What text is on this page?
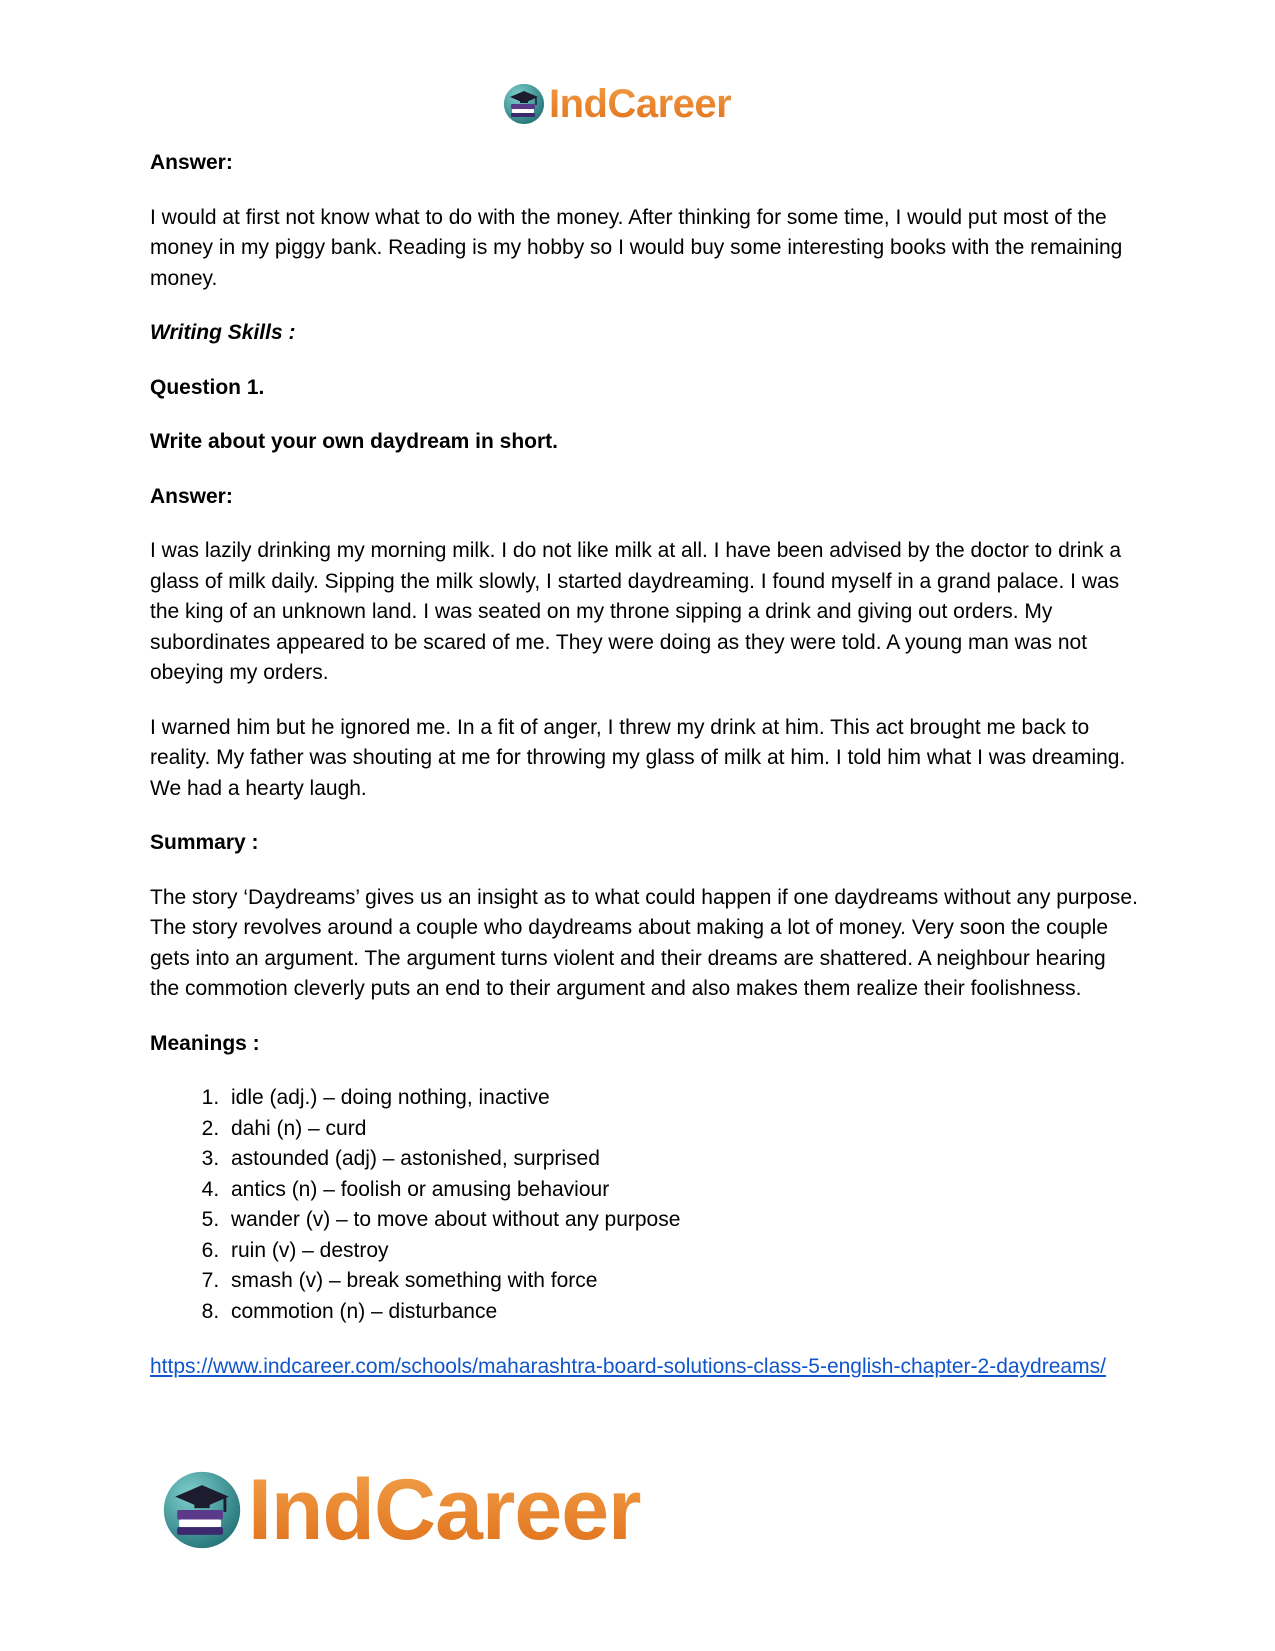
IndCareer

Answer:

I would at first not know what to do with the money. After thinking for some time, I would put most of the money in my piggy bank. Reading is my hobby so I would buy some interesting books with the remaining money.

Writing Skills :

Question 1.

Write about your own daydream in short.

Answer:

I was lazily drinking my morning milk. I do not like milk at all. I have been advised by the doctor to drink a glass of milk daily. Sipping the milk slowly, I started daydreaming. I found myself in a grand palace. I was the king of an unknown land. I was seated on my throne sipping a drink and giving out orders. My subordinates appeared to be scared of me. They were doing as they were told. A young man was not obeying my orders.

I warned him but he ignored me. In a fit of anger, I threw my drink at him. This act brought me back to reality. My father was shouting at me for throwing my glass of milk at him. I told him what I was dreaming. We had a hearty laugh.

Summary :

The story ‘Daydreams’ gives us an insight as to what could happen if one daydreams without any purpose. The story revolves around a couple who daydreams about making a lot of money. Very soon the couple gets into an argument. The argument turns violent and their dreams are shattered. A neighbour hearing the commotion cleverly puts an end to their argument and also makes them realize their foolishness.

Meanings :

1. idle (adj.) – doing nothing, inactive
2. dahi (n) – curd
3. astounded (adj) – astonished, surprised
4. antics (n) – foolish or amusing behaviour
5. wander (v) – to move about without any purpose
6. ruin (v) – destroy
7. smash (v) – break something with force
8. commotion (n) – disturbance
https://www.indcareer.com/schools/maharashtra-board-solutions-class-5-english-chapter-2-daydreams/
IndCareer
